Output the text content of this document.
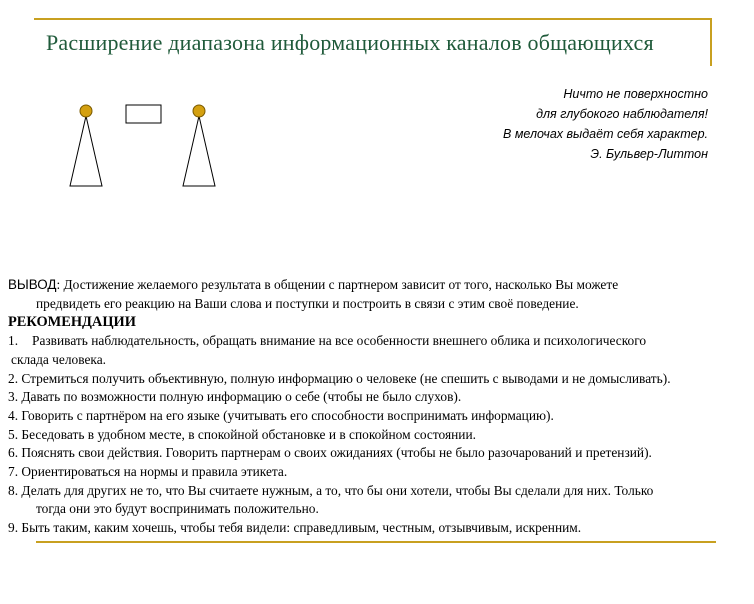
Расширение диапазона информационных каналов общающихся
Ничто не поверхностно
для глубокого наблюдателя!
В мелочах выдаёт себя характер.
Э. Бульвер-Литтон

ВЫВОД: Достижение желаемого результата в общении с партнером зависит от того, насколько Вы можете

предвидеть его реакцию на Ваши слова и поступки и построить в связи с этим своё поведение.

РЕКОМЕНДАЦИИ

1. Развивать наблюдательность, обращать внимание на все особенности внешнего облика и психологического

склада человека.

2. Стремиться получить объективную, полную информацию о человеке (не спешить с выводами и не домысливать).

3. Давать по возможности полную информацию о себе (чтобы не было слухов).

4. Говорить с партнёром на его языке (учитывать его способности воспринимать информацию).

5. Беседовать в удобном месте, в спокойной обстановке и в спокойном состоянии.

6. Пояснять свои действия. Говорить партнерам о своих ожиданиях (чтобы не было разочарований и претензий).

7. Ориентироваться на нормы и правила этикета.

8. Делать для других не то, что Вы считаете нужным, а то, что бы они хотели, чтобы Вы сделали для них. Только

тогда они это будут воспринимать положительно.

9. Быть таким, каким хочешь, чтобы тебя видели: справедливым, честным, отзывчивым, искренним.
